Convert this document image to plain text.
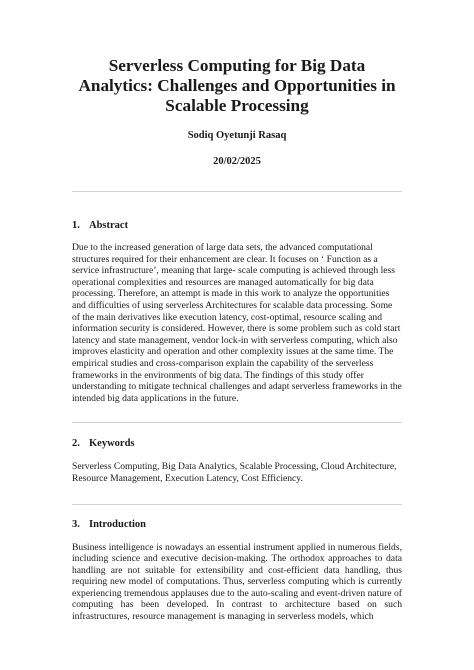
Serverless Computing for Big Data Analytics: Challenges and Opportunities in Scalable Processing

Sodiq Oyetunji Rasaq

20/02/2025

1. Abstract

Due to the increased generation of large data sets, the advanced computational structures required for their enhancement are clear. It focuses on ‘ Function as a service infrastructure’, meaning that large- scale computing is achieved through less operational complexities and resources are managed automatically for big data processing. Therefore, an attempt is made in this work to analyze the opportunities and difficulties of using serverless Architectures for scalable data processing. Some of the main derivatives like execution latency, cost-optimal, resource scaling and information security is considered. However, there is some problem such as cold start latency and state management, vendor lock-in with serverless computing, which also improves elasticity and operation and other complexity issues at the same time. The empirical studies and cross-comparison explain the capability of the serverless frameworks in the environments of big data. The findings of this study offer understanding to mitigate technical challenges and adapt serverless frameworks in the intended big data applications in the future.

2. Keywords

Serverless Computing, Big Data Analytics, Scalable Processing, Cloud Architecture, Resource Management, Execution Latency, Cost Efficiency.

3. Introduction

Business intelligence is nowadays an essential instrument applied in numerous fields, including science and executive decision-making. The orthodox approaches to data handling are not suitable for extensibility and cost-efficient data handling, thus requiring new model of computations. Thus, serverless computing which is currently experiencing tremendous applauses due to the auto-scaling and event-driven nature of computing has been developed. In contrast to architecture based on such infrastructures, resource management is managing in serverless models, which
